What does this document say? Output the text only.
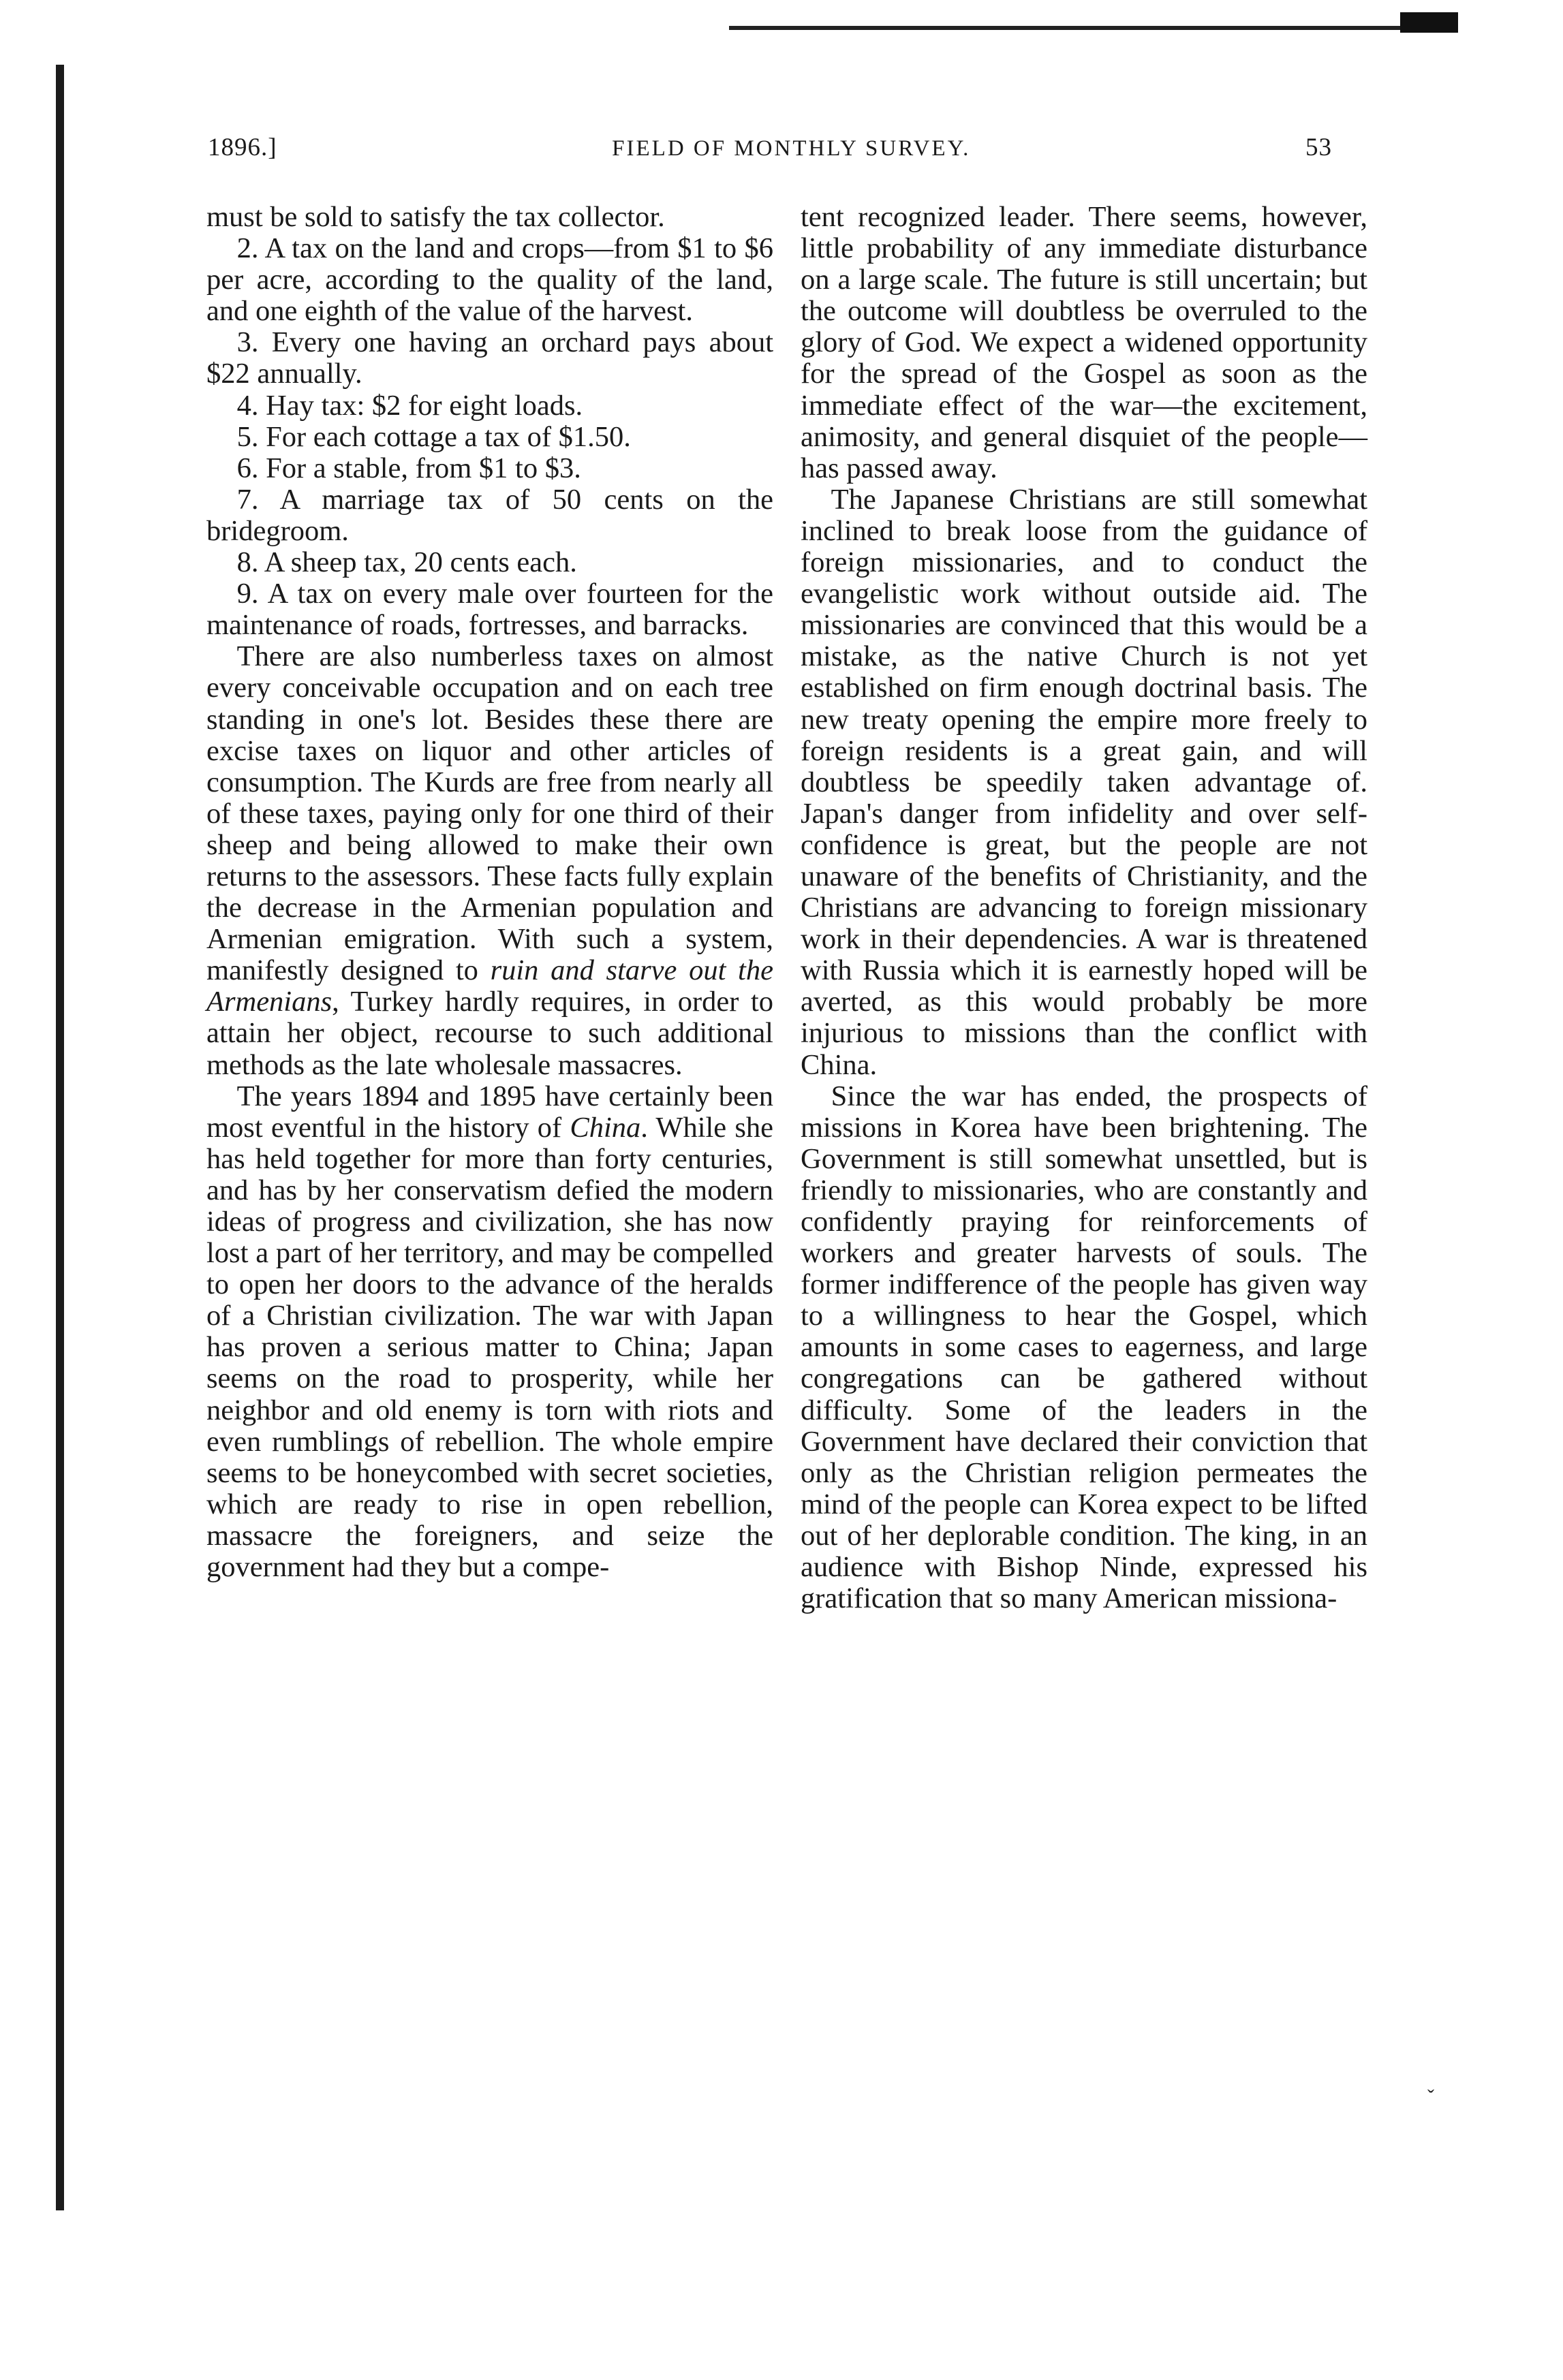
1896.]	FIELD OF MONTHLY SURVEY.	53

must be sold to satisfy the tax collector.

2. A tax on the land and crops—from $1 to $6 per acre, according to the quality of the land, and one eighth of the value of the harvest.

3. Every one having an orchard pays about $22 annually.

4. Hay tax: $2 for eight loads.

5. For each cottage a tax of $1.50.

6. For a stable, from $1 to $3.

7. A marriage tax of 50 cents on the bridegroom.

8. A sheep tax, 20 cents each.

9. A tax on every male over fourteen for the maintenance of roads, fortresses, and barracks.

There are also numberless taxes on almost every conceivable occupation and on each tree standing in one's lot. Besides these there are excise taxes on liquor and other articles of consumption. The Kurds are free from nearly all of these taxes, paying only for one third of their sheep and being allowed to make their own returns to the assessors. These facts fully explain the decrease in the Armenian population and Armenian emigration. With such a system, manifestly designed to ruin and starve out the Armenians, Turkey hardly requires, in order to attain her object, recourse to such additional methods as the late wholesale massacres.

The years 1894 and 1895 have certainly been most eventful in the history of China. While she has held together for more than forty centuries, and has by her conservatism defied the modern ideas of progress and civilization, she has now lost a part of her territory, and may be compelled to open her doors to the advance of the heralds of a Christian civilization. The war with Japan has proven a serious matter to China; Japan seems on the road to prosperity, while her neighbor and old enemy is torn with riots and even rumblings of rebellion. The whole empire seems to be honeycombed with secret societies, which are ready to rise in open rebellion, massacre the foreigners, and seize the government had they but a compe-

tent recognized leader. There seems, however, little probability of any immediate disturbance on a large scale. The future is still uncertain; but the outcome will doubtless be overruled to the glory of God. We expect a widened opportunity for the spread of the Gospel as soon as the immediate effect of the war—the excitement, animosity, and general disquiet of the people—has passed away.

The Japanese Christians are still somewhat inclined to break loose from the guidance of foreign missionaries, and to conduct the evangelistic work without outside aid. The missionaries are convinced that this would be a mistake, as the native Church is not yet established on firm enough doctrinal basis. The new treaty opening the empire more freely to foreign residents is a great gain, and will doubtless be speedily taken advantage of. Japan's danger from infidelity and over self-confidence is great, but the people are not unaware of the benefits of Christianity, and the Christians are advancing to foreign missionary work in their dependencies. A war is threatened with Russia which it is earnestly hoped will be averted, as this would probably be more injurious to missions than the conflict with China.

Since the war has ended, the prospects of missions in Korea have been brightening. The Government is still somewhat unsettled, but is friendly to missionaries, who are constantly and confidently praying for reinforcements of workers and greater harvests of souls. The former indifference of the people has given way to a willingness to hear the Gospel, which amounts in some cases to eagerness, and large congregations can be gathered without difficulty. Some of the leaders in the Government have declared their conviction that only as the Christian religion permeates the mind of the people can Korea expect to be lifted out of her deplorable condition. The king, in an audience with Bishop Ninde, expressed his gratification that so many American missiona-

ˇ
